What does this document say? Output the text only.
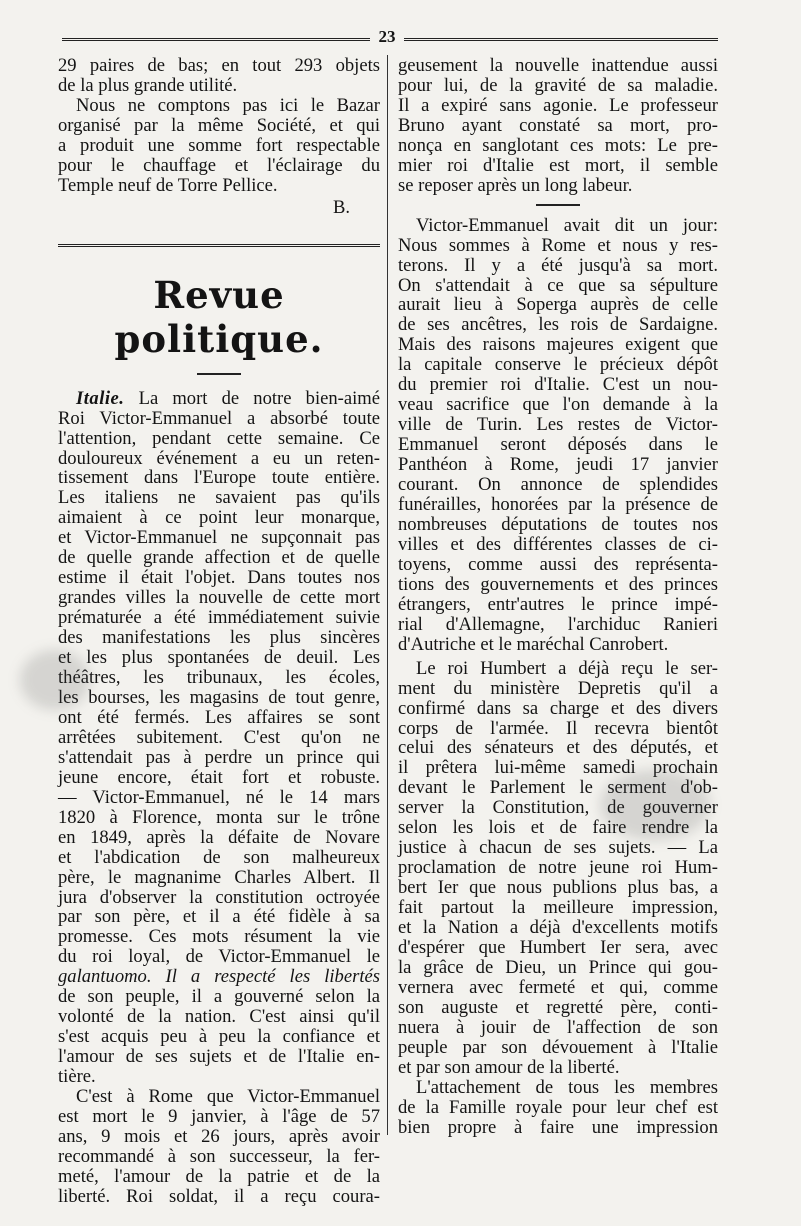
23
29 paires de bas; en tout 293 objets
de la plus grande utilité.
Nous ne comptons pas ici le Bazar
organisé par la même Société, et qui
a produit une somme fort respectable
pour le chauffage et l'éclairage du
Temple neuf de Torre Pellice.
B.
Revue politique.
Italie. La mort de notre bien-aimé
Roi Victor-Emmanuel a absorbé toute
l'attention, pendant cette semaine. Ce
douloureux événement a eu un reten-
tissement dans l'Europe toute entière.
Les italiens ne savaient pas qu'ils
aimaient à ce point leur monarque,
et Victor-Emmanuel ne supçonnait pas
de quelle grande affection et de quelle
estime il était l'objet. Dans toutes nos
grandes villes la nouvelle de cette mort
prématurée a été immédiatement suivie
des manifestations les plus sincères
et les plus spontanées de deuil. Les
théâtres, les tribunaux, les écoles,
les bourses, les magasins de tout genre,
ont été fermés. Les affaires se sont
arrêtées subitement. C'est qu'on ne
s'attendait pas à perdre un prince qui
jeune encore, était fort et robuste.
— Victor-Emmanuel, né le 14 mars
1820 à Florence, monta sur le trône
en 1849, après la défaite de Novare
et l'abdication de son malheureux
père, le magnanime Charles Albert. Il
jura d'observer la constitution octroyée
par son père, et il a été fidèle à sa
promesse. Ces mots résument la vie
du roi loyal, de Victor-Emmanuel le
galantuomo. Il a respecté les libertés
de son peuple, il a gouverné selon la
volonté de la nation. C'est ainsi qu'il
s'est acquis peu à peu la confiance et
l'amour de ses sujets et de l'Italie en-
tière.
C'est à Rome que Victor-Emmanuel
est mort le 9 janvier, à l'âge de 57
ans, 9 mois et 26 jours, après avoir
recommandé à son successeur, la fer-
meté, l'amour de la patrie et de la
liberté. Roi soldat, il a reçu coura-
geusement la nouvelle inattendue aussi
pour lui, de la gravité de sa maladie.
Il a expiré sans agonie. Le professeur
Bruno ayant constaté sa mort, pro-
nonça en sanglotant ces mots: Le pre-
mier roi d'Italie est mort, il semble
se reposer après un long labeur.
Victor-Emmanuel avait dit un jour:
Nous sommes à Rome et nous y res-
terons. Il y a été jusqu'à sa mort.
On s'attendait à ce que sa sépulture
aurait lieu à Soperga auprès de celle
de ses ancêtres, les rois de Sardaigne.
Mais des raisons majeures exigent que
la capitale conserve le précieux dépôt
du premier roi d'Italie. C'est un nou-
veau sacrifice que l'on demande à la
ville de Turin. Les restes de Victor-
Emmanuel seront déposés dans le
Panthéon à Rome, jeudi 17 janvier
courant. On annonce de splendides
funérailles, honorées par la présence de
nombreuses députations de toutes nos
villes et des différentes classes de ci-
toyens, comme aussi des représenta-
tions des gouvernements et des princes
étrangers, entr'autres le prince impé-
rial d'Allemagne, l'archiduc Ranieri
d'Autriche et le maréchal Canrobert.
Le roi Humbert a déjà reçu le ser-
ment du ministère Depretis qu'il a
confirmé dans sa charge et des divers
corps de l'armée. Il recevra bientôt
celui des sénateurs et des députés, et
il prêtera lui-même samedi prochain
devant le Parlement le serment d'ob-
server la Constitution, de gouverner
selon les lois et de faire rendre la
justice à chacun de ses sujets. — La
proclamation de notre jeune roi Hum-
bert Ier que nous publions plus bas, a
fait partout la meilleure impression,
et la Nation a déjà d'excellents motifs
d'espérer que Humbert Ier sera, avec
la grâce de Dieu, un Prince qui gou-
vernera avec fermeté et qui, comme
son auguste et regretté père, conti-
nuera à jouir de l'affection de son
peuple par son dévouement à l'Italie
et par son amour de la liberté.
L'attachement de tous les membres
de la Famille royale pour leur chef est
bien propre à faire une impression
